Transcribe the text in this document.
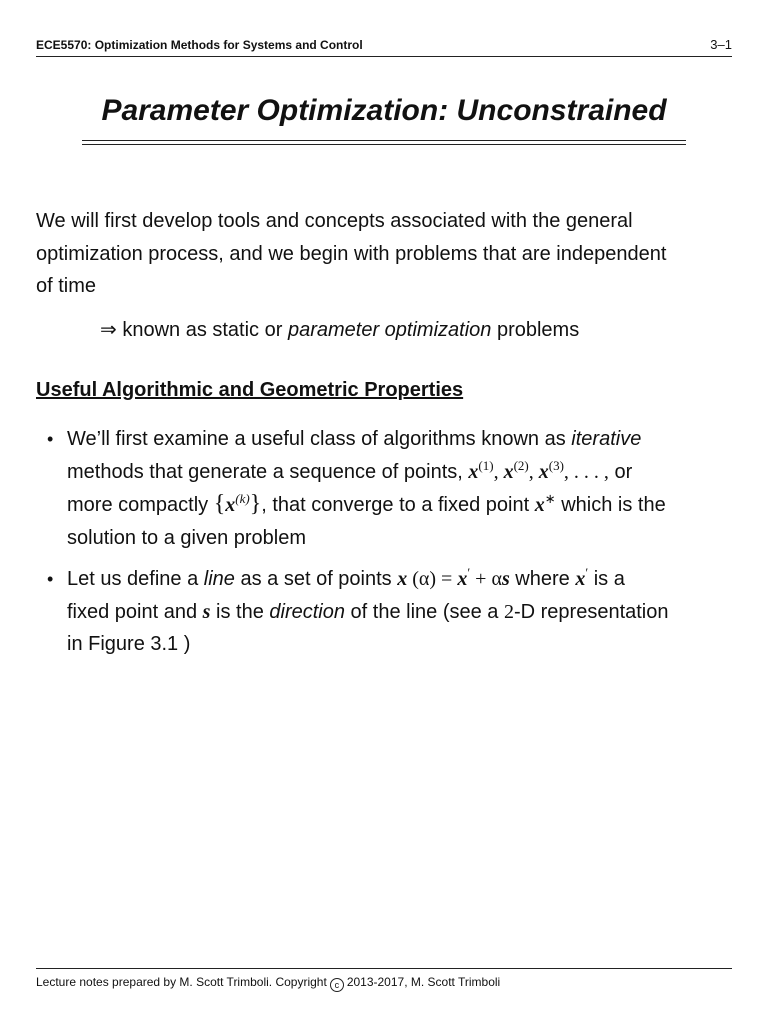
ECE5570: Optimization Methods for Systems and Control	3–1
Parameter Optimization: Unconstrained
We will first develop tools and concepts associated with the general
optimization process, and we begin with problems that are independent
of time
⇒ known as static or parameter optimization problems
Useful Algorithmic and Geometric Properties
• We’ll first examine a useful class of algorithms known as iterative
methods that generate a sequence of points, $x^{(1)}$, $x^{(2)}$, $x^{(3)}$, . . . , or
more compactly $\{x^{(k)}\}$, that converge to a fixed point x∗ which is the
solution to a given problem
• Let us define a line as a set of points x (α) = x′ + αs where x′ is a
fixed point and s is the direction of the line (see a 2-D representation
in Figure 3.1 )
Lecture notes prepared by M. Scott Trimboli. Copyright c 2013-2017, M. Scott Trimboli
